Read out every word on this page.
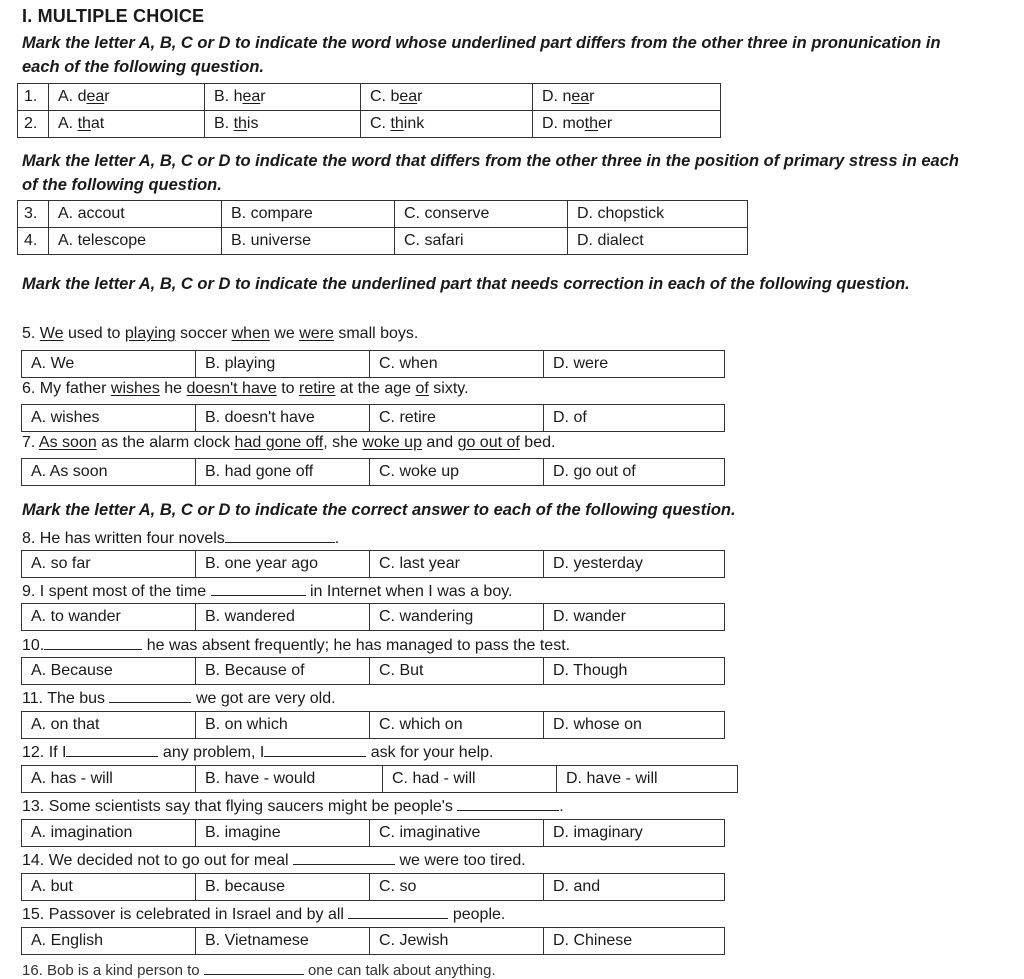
I. MULTIPLE CHOICE
Mark the letter A, B, C or D to indicate the word whose underlined part differs from the other three in pronunication in each of the following question.
1.	A. dear	B. hear	C. bear	D. near
2.	A. that	B. this	C. think	D. mother
Mark the letter A, B, C or D to indicate the word that differs from the other three in the position of primary stress in each of the following question.
3.	A. accout	B. compare	C. conserve	D. chopstick
4.	A. telescope	B. universe	C. safari	D. dialect
Mark the letter A, B, C or D to indicate the underlined part that needs correction in each of the following question.
5. We used to playing soccer when we were small boys.
A. We	B. playing	C. when	D. were
6. My father wishes he doesn't have to retire at the age of sixty.
A. wishes	B. doesn't have	C. retire	D. of
7. As soon as the alarm clock had gone off, she woke up and go out of bed.
A. As soon	B. had gone off	C. woke up	D. go out of
Mark the letter A, B, C or D to indicate the correct answer to each of the following question.
8. He has written four novels	.
A. so far	B. one year ago	C. last year	D. yesterday
9. I spent most of the time	in Internet when I was a boy.
A. to wander	B. wandered	C. wandering	D. wander
10.	he was absent frequently; he has managed to pass the test.
A. Because	B. Because of	C. But	D. Though
11. The bus	we got are very old.
A. on that	B. on which	C. which on	D. whose on
12. If I	any problem, I	ask for your help.
A. has - will	B. have - would	C. had - will	D. have - will
13. Some scientists say that flying saucers might be people's	.
A. imagination	B. imagine	C. imaginative	D. imaginary
14. We decided not to go out for meal	we were too tired.
A. but	B. because	C. so	D. and
15. Passover is celebrated in Israel and by all	people.
A. English	B. Vietnamese	C. Jewish	D. Chinese
16. Bob is a kind person to	one can talk about anything.
